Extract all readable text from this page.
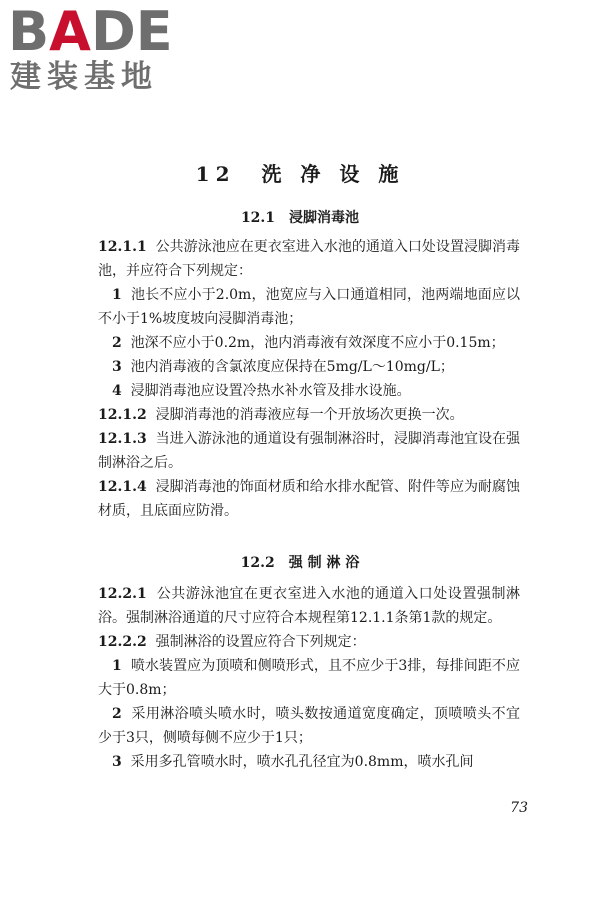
BADE
建装基地
12 洗 净 设 施
12.1 浸脚消毒池

12.1.1 公共游泳池应在更衣室进入水池的通道入口处设置浸脚消毒池，并应符合下列规定：

1 池长不应小于2.0m，池宽应与入口通道相同，池两端地面应以不小于1%坡度坡向浸脚消毒池；

2 池深不应小于0.2m，池内消毒液有效深度不应小于0.15m；

3 池内消毒液的含氯浓度应保持在5mg/L～10mg/L；

4 浸脚消毒池应设置冷热水补水管及排水设施。

12.1.2 浸脚消毒池的消毒液应每一个开放场次更换一次。

12.1.3 当进入游泳池的通道设有强制淋浴时，浸脚消毒池宜设在强制淋浴之后。

12.1.4 浸脚消毒池的饰面材质和给水排水配管、附件等应为耐腐蚀材质，且底面应防滑。

12.2 强 制 淋 浴

12.2.1 公共游泳池宜在更衣室进入水池的通道入口处设置强制淋浴。强制淋浴通道的尺寸应符合本规程第12.1.1条第1款的规定。

12.2.2 强制淋浴的设置应符合下列规定：

1 喷水装置应为顶喷和侧喷形式，且不应少于3排，每排间距不应大于0.8m；

2 采用淋浴喷头喷水时，喷头数按通道宽度确定，顶喷喷头不宜少于3只，侧喷每侧不应少于1只；

3 采用多孔管喷水时，喷水孔孔径宜为0.8mm，喷水孔间

73
